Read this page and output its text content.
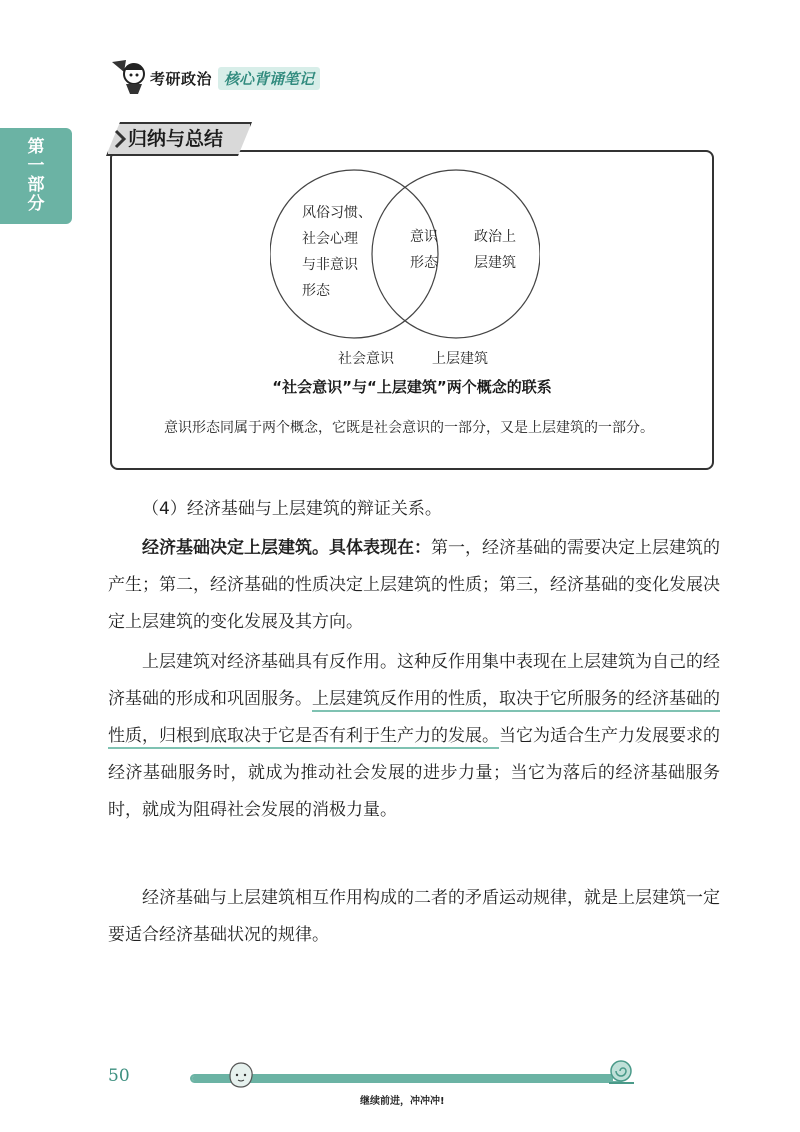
考研政治 核心背诵笔记
第一部分
归纳与总结
风俗习惯、
社会心理
与非意识
形态
意识
形态
政治上
层建筑
社会意识	上层建筑
“社会意识”与“上层建筑”两个概念的联系

意识形态同属于两个概念，它既是社会意识的一部分，又是上层建筑的一部分。

（4）经济基础与上层建筑的辩证关系。

经济基础决定上层建筑。具体表现在：第一，经济基础的需要决定上层建筑的产生；第二，经济基础的性质决定上层建筑的性质；第三，经济基础的变化发展决定上层建筑的变化发展及其方向。

上层建筑对经济基础具有反作用。这种反作用集中表现在上层建筑为自己的经济基础的形成和巩固服务。上层建筑反作用的性质，取决于它所服务的经济基础的性质，归根到底取决于它是否有利于生产力的发展。当它为适合生产力发展要求的经济基础服务时，就成为推动社会发展的进步力量；当它为落后的经济基础服务时，就成为阻碍社会发展的消极力量。

经济基础与上层建筑相互作用构成的二者的矛盾运动规律，就是上层建筑一定要适合经济基础状况的规律。

50
继续前进，冲冲冲!
